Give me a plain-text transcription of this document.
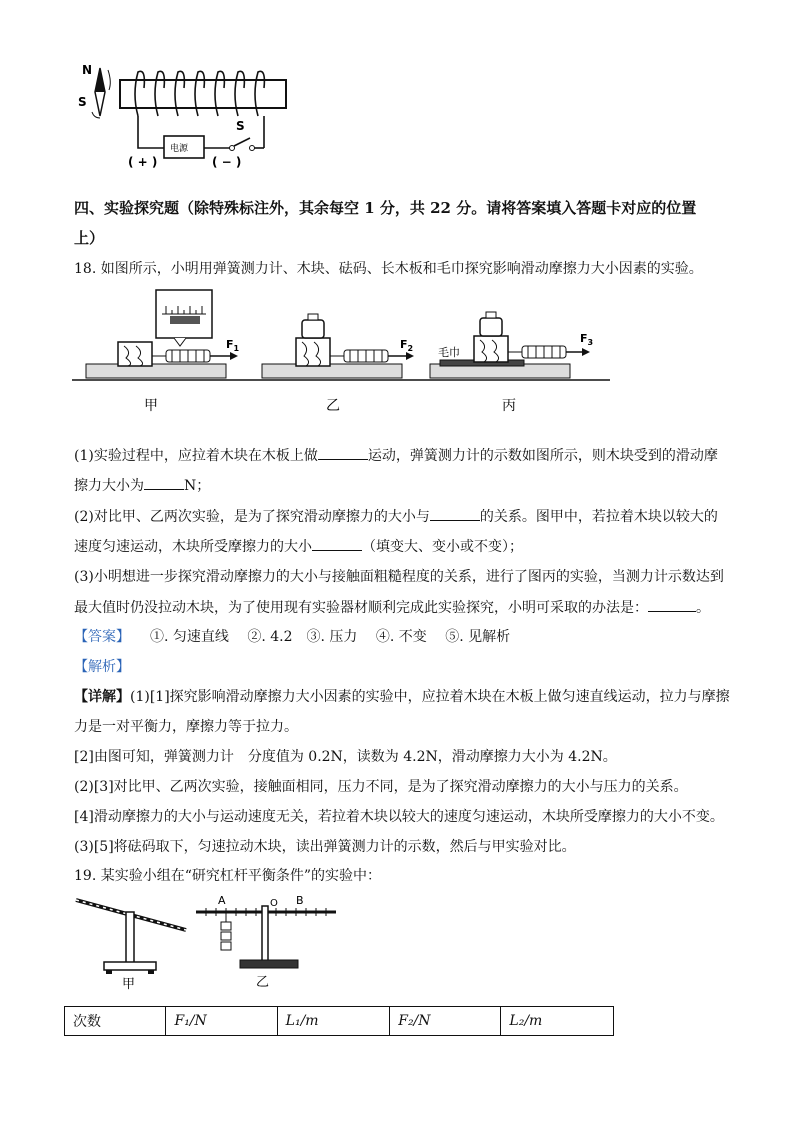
N
S
电源
S
( + )	( − )
四、实验探究题（除特殊标注外，其余每空 1 分，共 22 分。请将答案填入答题卡对应的位置
上）
18. 如图所示，小明用弹簧测力计、木块、砝码、长木板和毛巾探究影响滑动摩擦力大小因素的实验。
$F_1$
甲
$F_2$
乙
毛巾
$F_3$
丙
(1)实验过程中，应拉着木块在木板上做	运动，弹簧测力计的示数如图所示，则木块受到的滑动摩
擦力大小为	N；
(2)对比甲、乙两次实验，是为了探究滑动摩擦力的大小与	的关系。图甲中，若拉着木块以较大的
速度匀速运动，木块所受摩擦力的大小	（填变大、变小或不变）；
(3)小明想进一步探究滑动摩擦力的大小与接触面粗糙程度的关系，进行了图丙的实验，当测力计示数达到
最大值时仍没拉动木块，为了使用现有实验器材顺利完成此实验探究，小明可采取的办法是：	。
【答案】 ①. 匀速直线　 ②. 4.2　③. 压力　 ④. 不变　 ⑤. 见解析
【解析】
【详解】(1)[1]探究影响滑动摩擦力大小因素的实验中，应拉着木块在木板上做匀速直线运动，拉力与摩擦
力是一对平衡力，摩擦力等于拉力。
[2]由图可知，弹簧测力计　分度值为 0.2N，读数为 4.2N，滑动摩擦力大小为 4.2N。
(2)[3]对比甲、乙两次实验，接触面相同，压力不同，是为了探究滑动摩擦力的大小与压力的关系。
[4]滑动摩擦力的大小与运动速度无关，若拉着木块以较大的速度匀速运动，木块所受摩擦力的大小不变。
(3)[5]将砝码取下，匀速拉动木块，读出弹簧测力计的示数，然后与甲实验对比。
19. 某实验小组在“研究杠杆平衡条件”的实验中：
甲
A	O B
乙
次数	F₁/N	L₁/m	F₂/N	L₂/m
